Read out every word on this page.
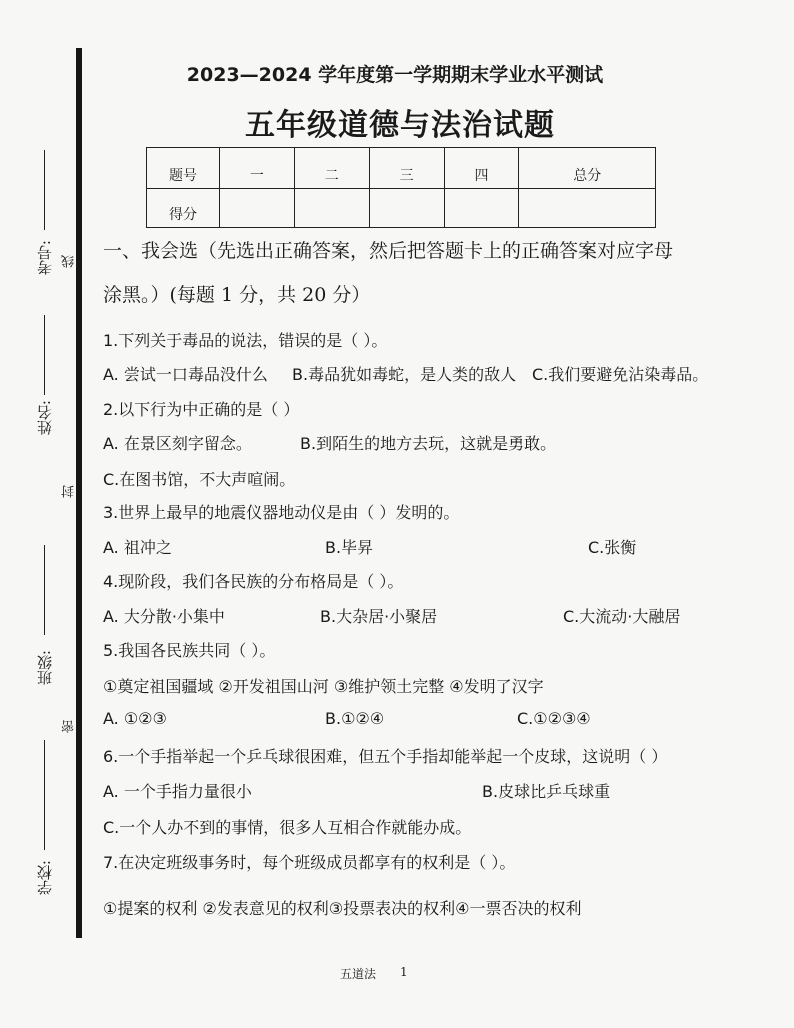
考号: 线
姓名:
封
班级:
密
学校:
2023—2024 学年度第一学期期末学业水平测试
五年级道德与法治试题
题号	一	二	三	四	总分
得分					
一、我会选（先选出正确答案，然后把答题卡上的正确答案对应字母
涂黑。）(每题 1 分，共 20 分）
1.下列关于毒品的说法，错误的是（ ）。
A. 尝试一口毒品没什么 B.毒品犹如毒蛇，是人类的敌人 C.我们要避免沾染毒品。
2.以下行为中正确的是（ ）
A. 在景区刻字留念。	B.到陌生的地方去玩，这就是勇敢。
C.在图书馆，不大声喧闹。
3.世界上最早的地震仪器地动仪是由（ ）发明的。
A. 祖冲之	B.毕昇	C.张衡
4.现阶段，我们各民族的分布格局是（ ）。
A. 大分散·小集中	B.大杂居·小聚居	C.大流动·大融居
5.我国各民族共同（ ）。
①奠定祖国疆域 ②开发祖国山河 ③维护领土完整 ④发明了汉字
A. ①②③	B.①②④	C.①②③④
6.一个手指举起一个乒乓球很困难，但五个手指却能举起一个皮球，这说明（ ）
A. 一个手指力量很小	B.皮球比乒乓球重
C.一个人办不到的事情，很多人互相合作就能办成。
7.在决定班级事务时，每个班级成员都享有的权利是（ ）。
①提案的权利 ②发表意见的权利③投票表决的权利④一票否决的权利
五道法 1
